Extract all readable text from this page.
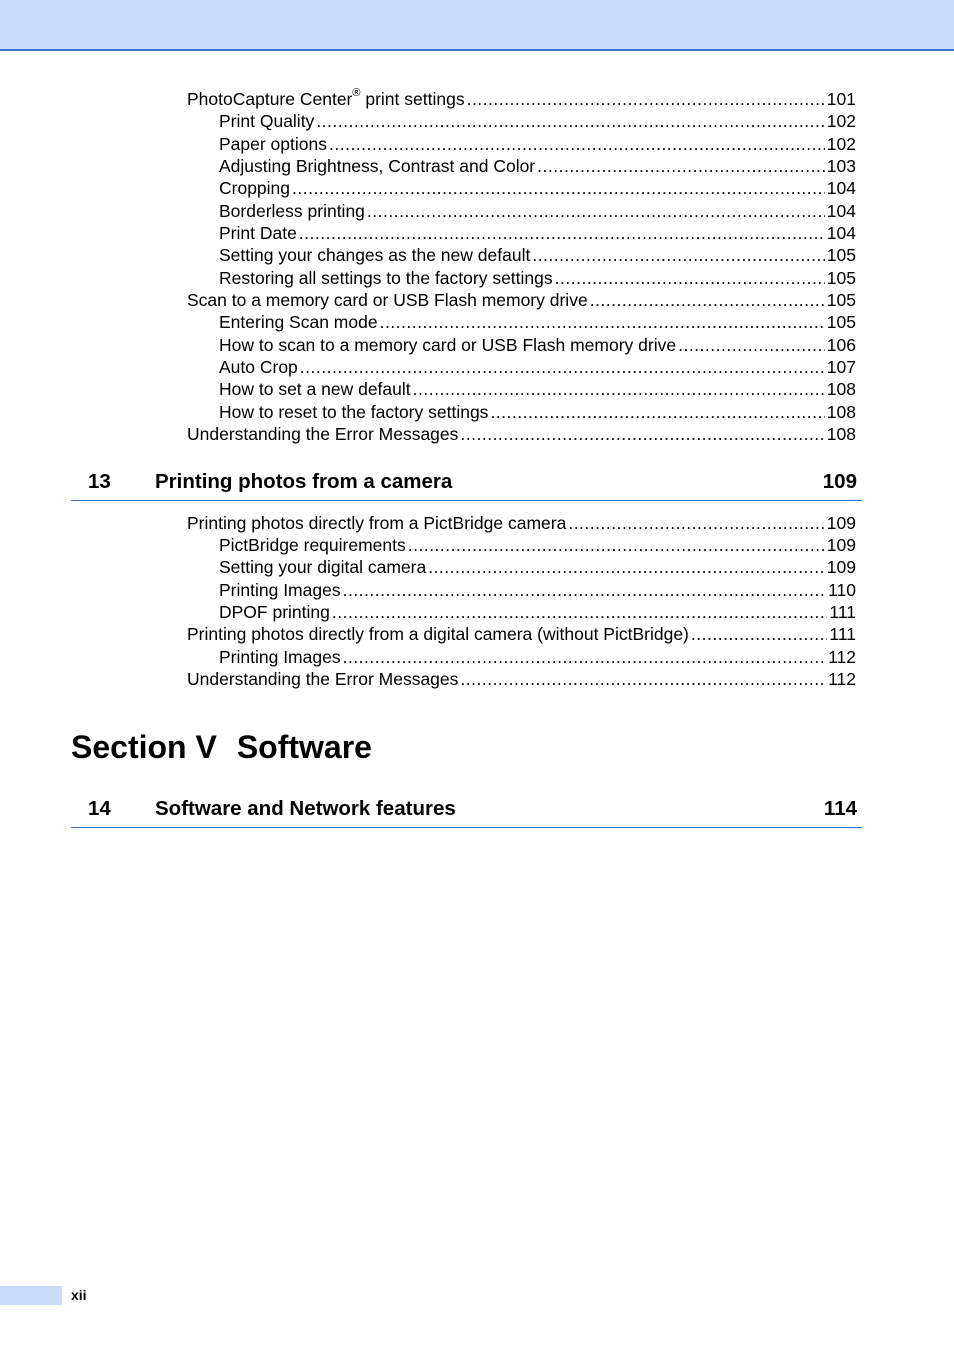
PhotoCapture Center® print settings .....	101
Print Quality .....	102
Paper options .....	102
Adjusting Brightness, Contrast and Color .....	103
Cropping .....	104
Borderless printing .....	104
Print Date .....	104
Setting your changes as the new default .....	105
Restoring all settings to the factory settings .....	105
Scan to a memory card or USB Flash memory drive .....	105
Entering Scan mode .....	105
How to scan to a memory card or USB Flash memory drive .....	106
Auto Crop .....	107
How to set a new default .....	108
How to reset to the factory settings .....	108
Understanding the Error Messages .....	108
13 Printing photos from a camera	109
Printing photos directly from a PictBridge camera .....	109
PictBridge requirements .....	109
Setting your digital camera .....	109
Printing Images .....	110
DPOF printing .....	111
Printing photos directly from a digital camera (without PictBridge) .....	111
Printing Images .....	112
Understanding the Error Messages .....	112
Section V Software
14 Software and Network features	114
xii
